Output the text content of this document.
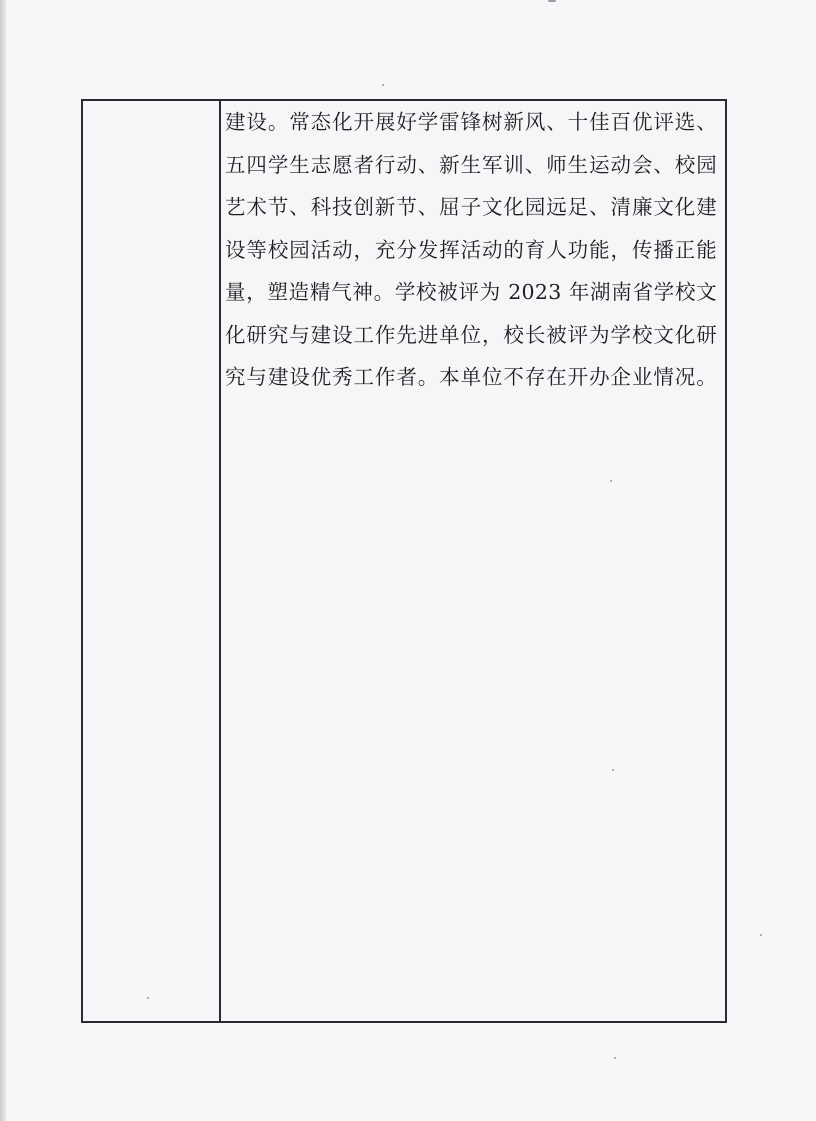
建设。常态化开展好学雷锋树新风、十佳百优评选、
五四学生志愿者行动、新生军训、师生运动会、校园
艺术节、科技创新节、屈子文化园远足、清廉文化建
设等校园活动，充分发挥活动的育人功能，传播正能
量，塑造精气神。学校被评为 2023 年湖南省学校文
化研究与建设工作先进单位，校长被评为学校文化研
究与建设优秀工作者。本单位不存在开办企业情况。
